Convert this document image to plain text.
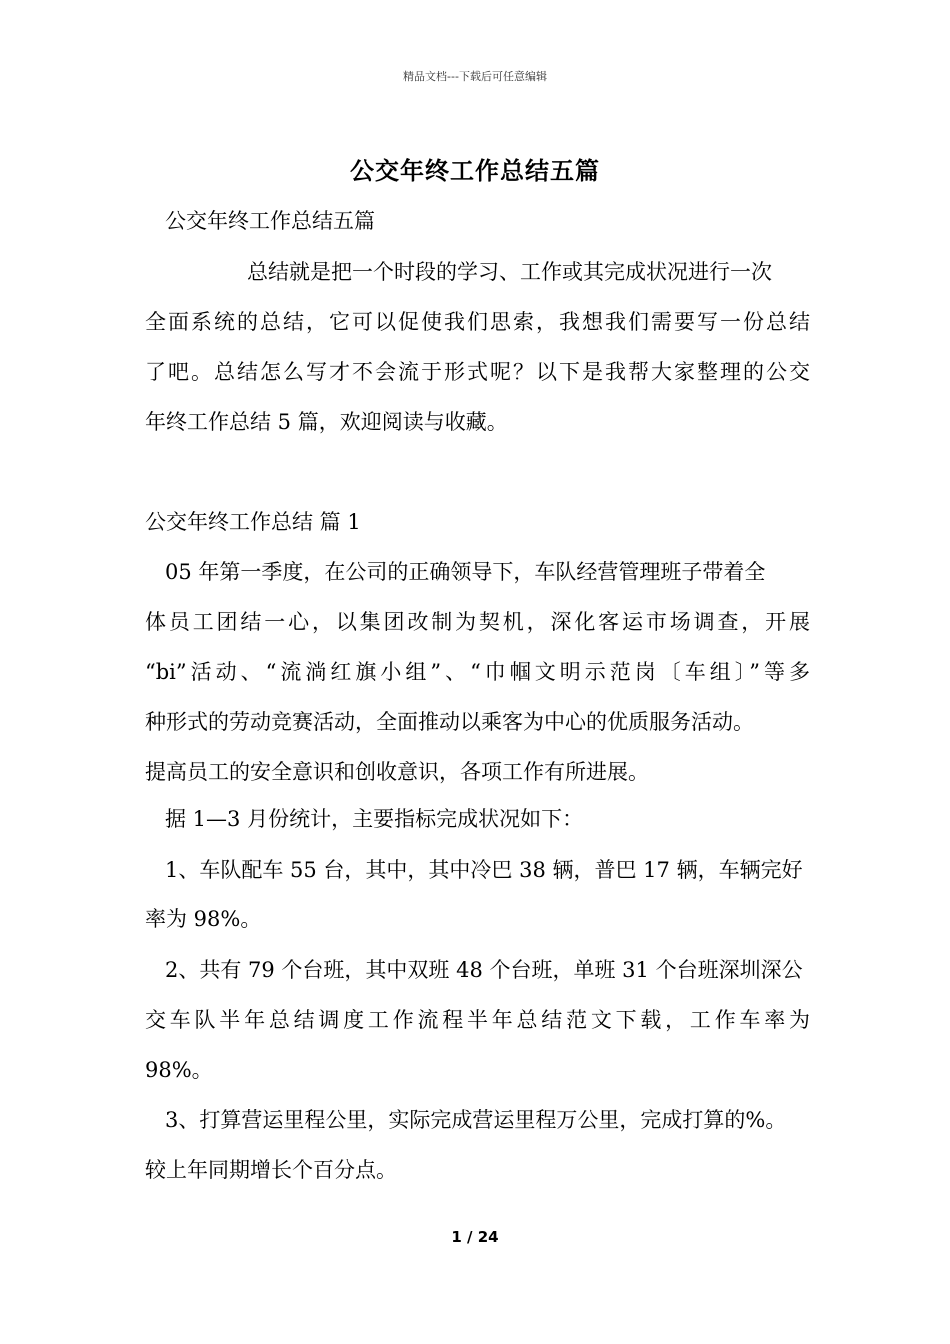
精品文档---下载后可任意编辑
公交年终工作总结五篇
公交年终工作总结五篇
总结就是把一个时段的学习、工作或其完成状况进行一次
全面系统的总结，它可以促使我们思索，我想我们需要写一份总结
了吧。总结怎么写才不会流于形式呢？以下是我帮大家整理的公交
年终工作总结 5 篇，欢迎阅读与收藏。
公交年终工作总结 篇 1
05 年第一季度，在公司的正确领导下，车队经营管理班子带着全
体员工团结一心，以集团改制为契机，深化客运市场调查，开展
“bi”活动、“流淌红旗小组”、“巾帼文明示范岗〔车组〕”等多
种形式的劳动竞赛活动，全面推动以乘客为中心的优质服务活动。
提高员工的安全意识和创收意识，各项工作有所进展。
据 1—3 月份统计，主要指标完成状况如下：
1、车队配车 55 台，其中，其中冷巴 38 辆，普巴 17 辆，车辆完好
率为 98%。
2、共有 79 个台班，其中双班 48 个台班，单班 31 个台班深圳深公
交车队半年总结调度工作流程半年总结范文下载，工作车率为
98%。
3、打算营运里程公里，实际完成营运里程万公里，完成打算的%。
较上年同期增长个百分点。
1 / 24
